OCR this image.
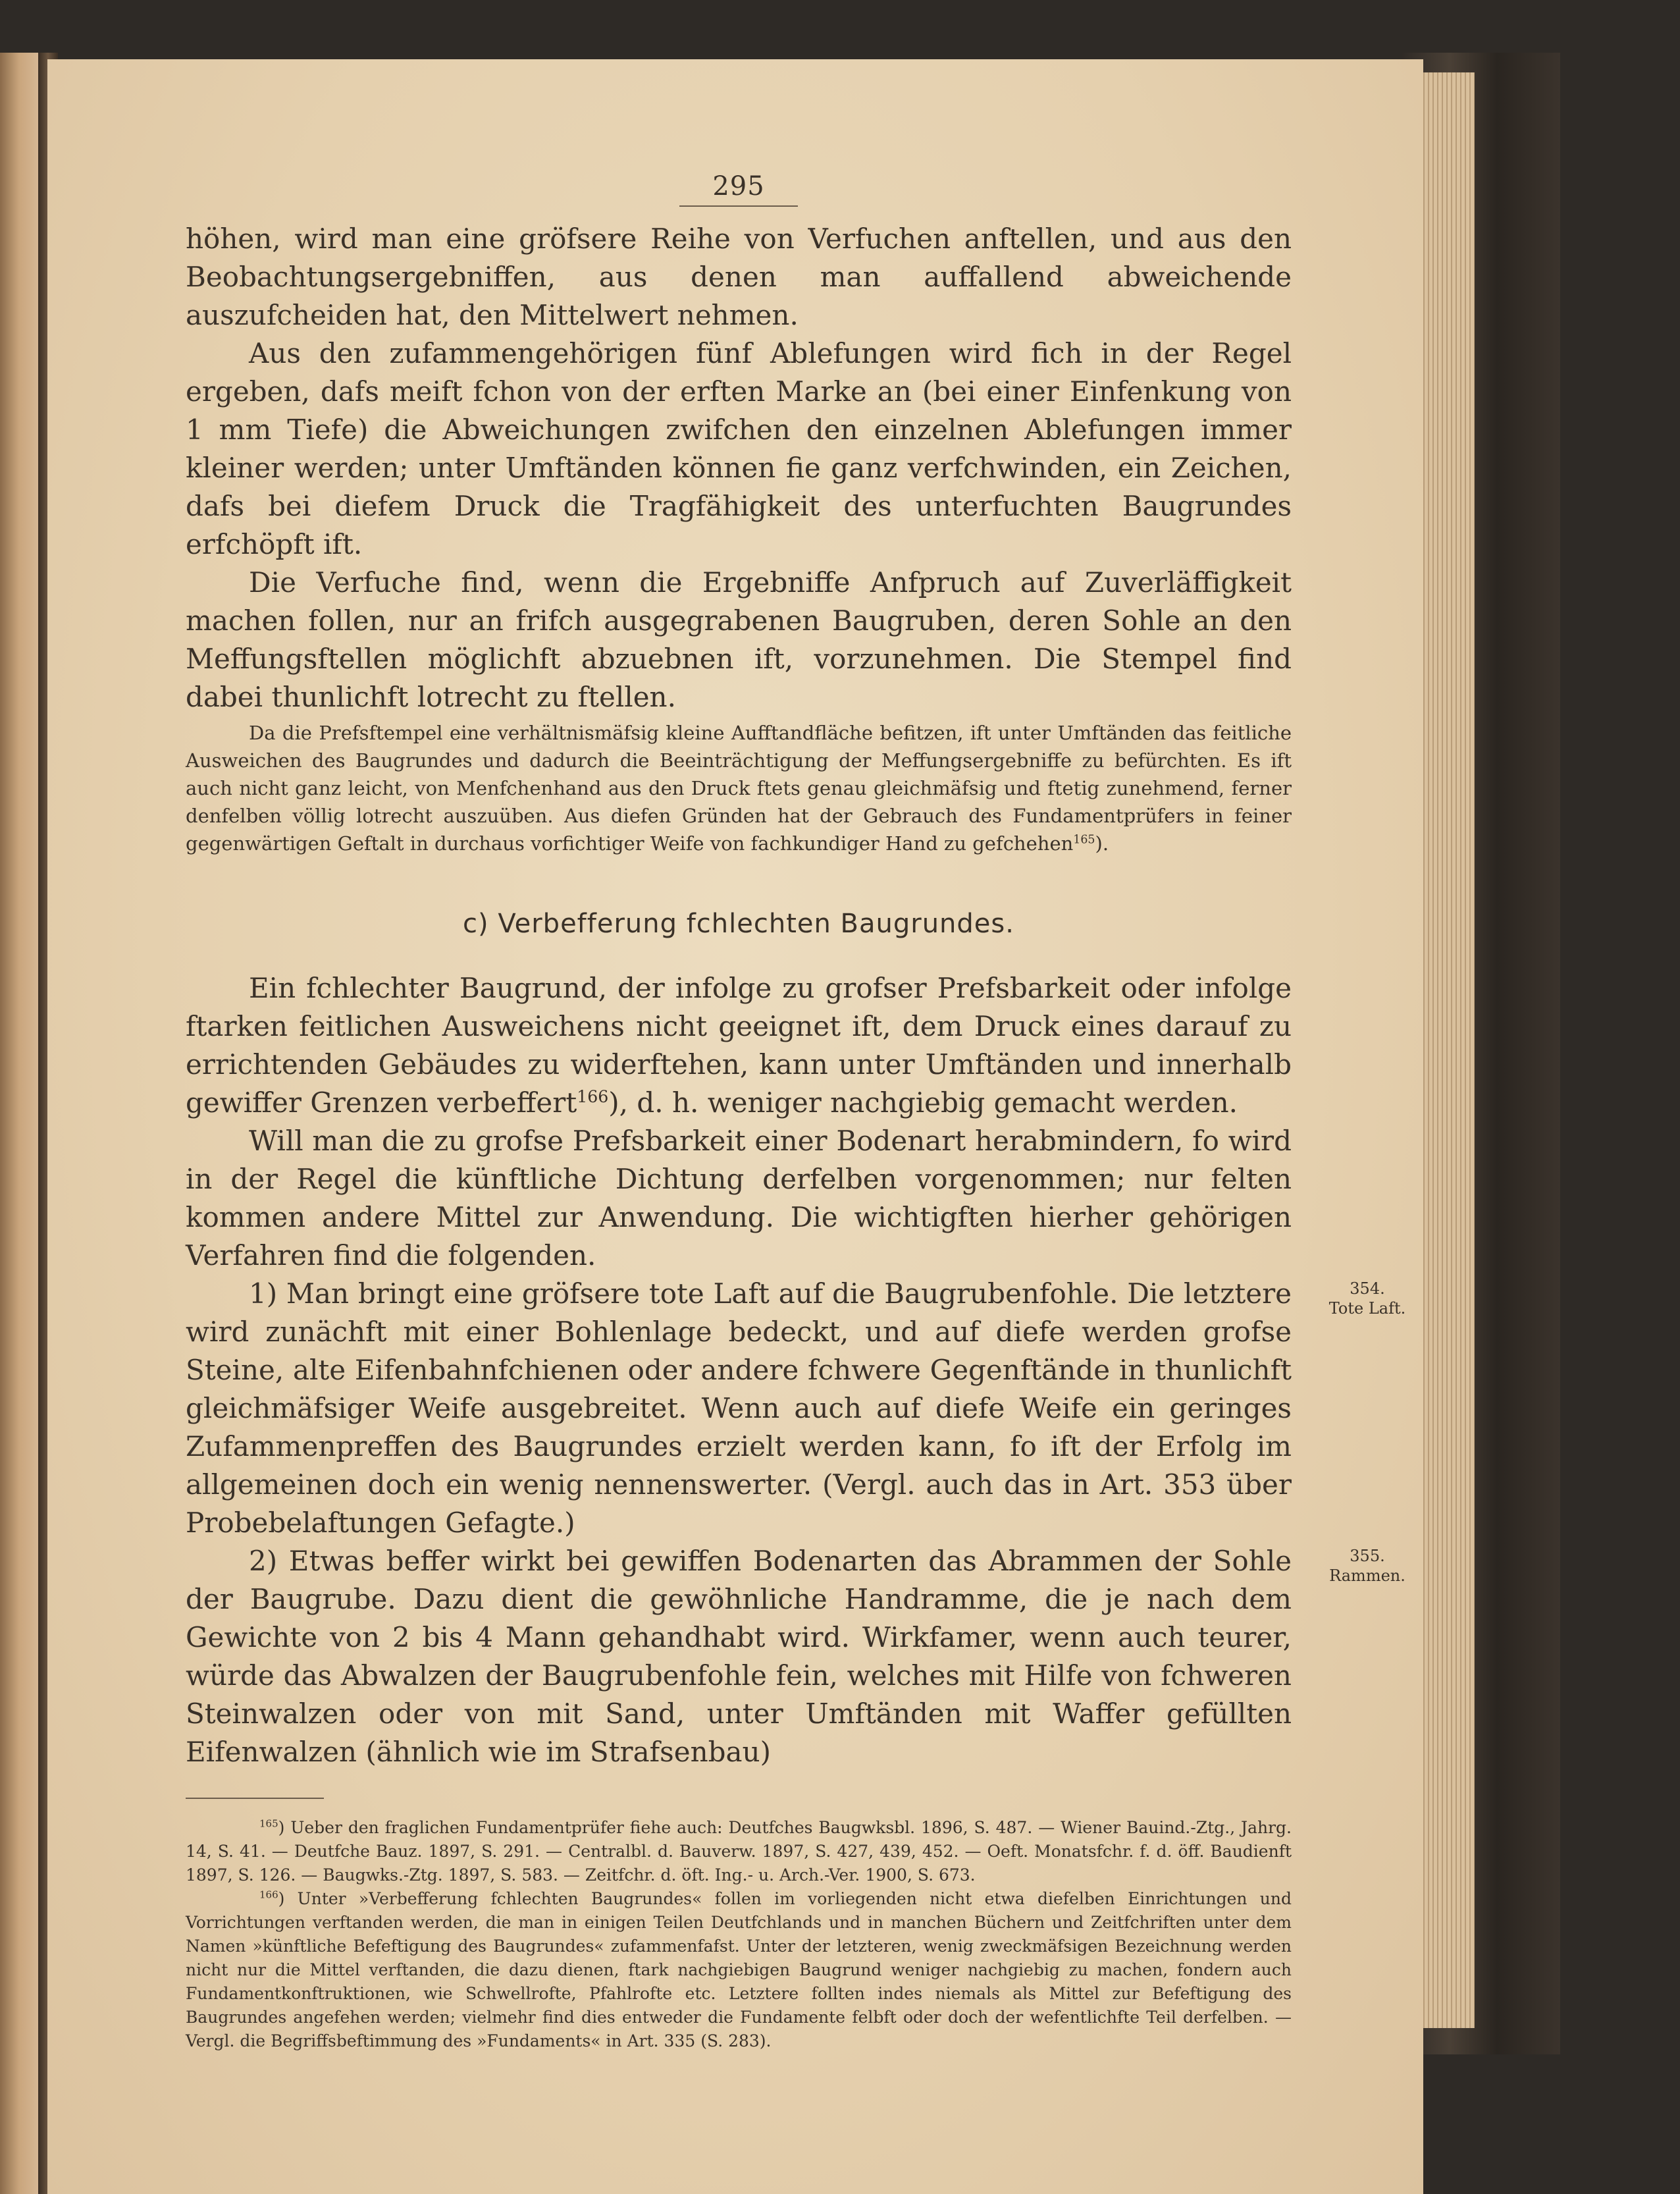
295

höhen, wird man eine gröfsere Reihe von Verfuchen anftellen, und aus den Beobachtungsergebniffen, aus denen man auffallend abweichende auszufcheiden hat, den Mittelwert nehmen.

Aus den zufammengehörigen fünf Ablefungen wird fich in der Regel ergeben, dafs meift fchon von der erften Marke an (bei einer Einfenkung von 1 mm Tiefe) die Abweichungen zwifchen den einzelnen Ablefungen immer kleiner werden; unter Umftänden können fie ganz verfchwinden, ein Zeichen, dafs bei diefem Druck die Tragfähigkeit des unterfuchten Baugrundes erfchöpft ift.

Die Verfuche find, wenn die Ergebniffe Anfpruch auf Zuverläffigkeit machen follen, nur an frifch ausgegrabenen Baugruben, deren Sohle an den Meffungsftellen möglichft abzuebnen ift, vorzunehmen. Die Stempel find dabei thunlichft lotrecht zu ftellen.

Da die Prefsftempel eine verhältnismäfsig kleine Aufftandfläche befitzen, ift unter Umftänden das feitliche Ausweichen des Baugrundes und dadurch die Beeinträchtigung der Meffungsergebniffe zu befürchten. Es ift auch nicht ganz leicht, von Menfchenhand aus den Druck ftets genau gleichmäfsig und ftetig zunehmend, ferner denfelben völlig lotrecht auszuüben. Aus diefen Gründen hat der Gebrauch des Fundamentprüfers in feiner gegenwärtigen Geftalt in durchaus vorfichtiger Weife von fachkundiger Hand zu gefchehen$^{165}$).

c) Verbefferung fchlechten Baugrundes.

Ein fchlechter Baugrund, der infolge zu grofser Prefsbarkeit oder infolge ftarken feitlichen Ausweichens nicht geeignet ift, dem Druck eines darauf zu errichtenden Gebäudes zu widerftehen, kann unter Umftänden und innerhalb gewiffer Grenzen verbeffert$^{166}$), d. h. weniger nachgiebig gemacht werden.

Will man die zu grofse Prefsbarkeit einer Bodenart herabmindern, fo wird in der Regel die künftliche Dichtung derfelben vorgenommen; nur felten kommen andere Mittel zur Anwendung. Die wichtigften hierher gehörigen Verfahren find die folgenden.

354.
Tote Laft.

1) Man bringt eine gröfsere tote Laft auf die Baugrubenfohle. Die letztere wird zunächft mit einer Bohlenlage bedeckt, und auf diefe werden grofse Steine, alte Eifenbahnfchienen oder andere fchwere Gegenftände in thunlichft gleichmäfsiger Weife ausgebreitet. Wenn auch auf diefe Weife ein geringes Zufammenpreffen des Baugrundes erzielt werden kann, fo ift der Erfolg im allgemeinen doch ein wenig nennenswerter. (Vergl. auch das in Art. 353 über Probebelaftungen Gefagte.)

355.
Rammen.

2) Etwas beffer wirkt bei gewiffen Bodenarten das Abrammen der Sohle der Baugrube. Dazu dient die gewöhnliche Handramme, die je nach dem Gewichte von 2 bis 4 Mann gehandhabt wird. Wirkfamer, wenn auch teurer, würde das Abwalzen der Baugrubenfohle fein, welches mit Hilfe von fchweren Steinwalzen oder von mit Sand, unter Umftänden mit Waffer gefüllten Eifenwalzen (ähnlich wie im Strafsenbau)

$^{165}$) Ueber den fraglichen Fundamentprüfer fiehe auch: Deutfches Baugwksbl. 1896, S. 487. — Wiener Bauind.-Ztg., Jahrg. 14, S. 41. — Deutfche Bauz. 1897, S. 291. — Centralbl. d. Bauverw. 1897, S. 427, 439, 452. — Oeft. Monatsfchr. f. d. öff. Baudienft 1897, S. 126. — Baugwks.-Ztg. 1897, S. 583. — Zeitfchr. d. öft. Ing.- u. Arch.-Ver. 1900, S. 673.

$^{166}$) Unter »Verbefferung fchlechten Baugrundes« follen im vorliegenden nicht etwa diefelben Einrichtungen und Vorrichtungen verftanden werden, die man in einigen Teilen Deutfchlands und in manchen Büchern und Zeitfchriften unter dem Namen »künftliche Befeftigung des Baugrundes« zufammenfafst. Unter der letzteren, wenig zweckmäfsigen Bezeichnung werden nicht nur die Mittel verftanden, die dazu dienen, ftark nachgiebigen Baugrund weniger nachgiebig zu machen, fondern auch Fundamentkonftruktionen, wie Schwellrofte, Pfahlrofte etc. Letztere follten indes niemals als Mittel zur Befeftigung des Baugrundes angefehen werden; vielmehr find dies entweder die Fundamente felbft oder doch der wefentlichfte Teil derfelben. — Vergl. die Begriffsbeftimmung des »Fundaments« in Art. 335 (S. 283).
